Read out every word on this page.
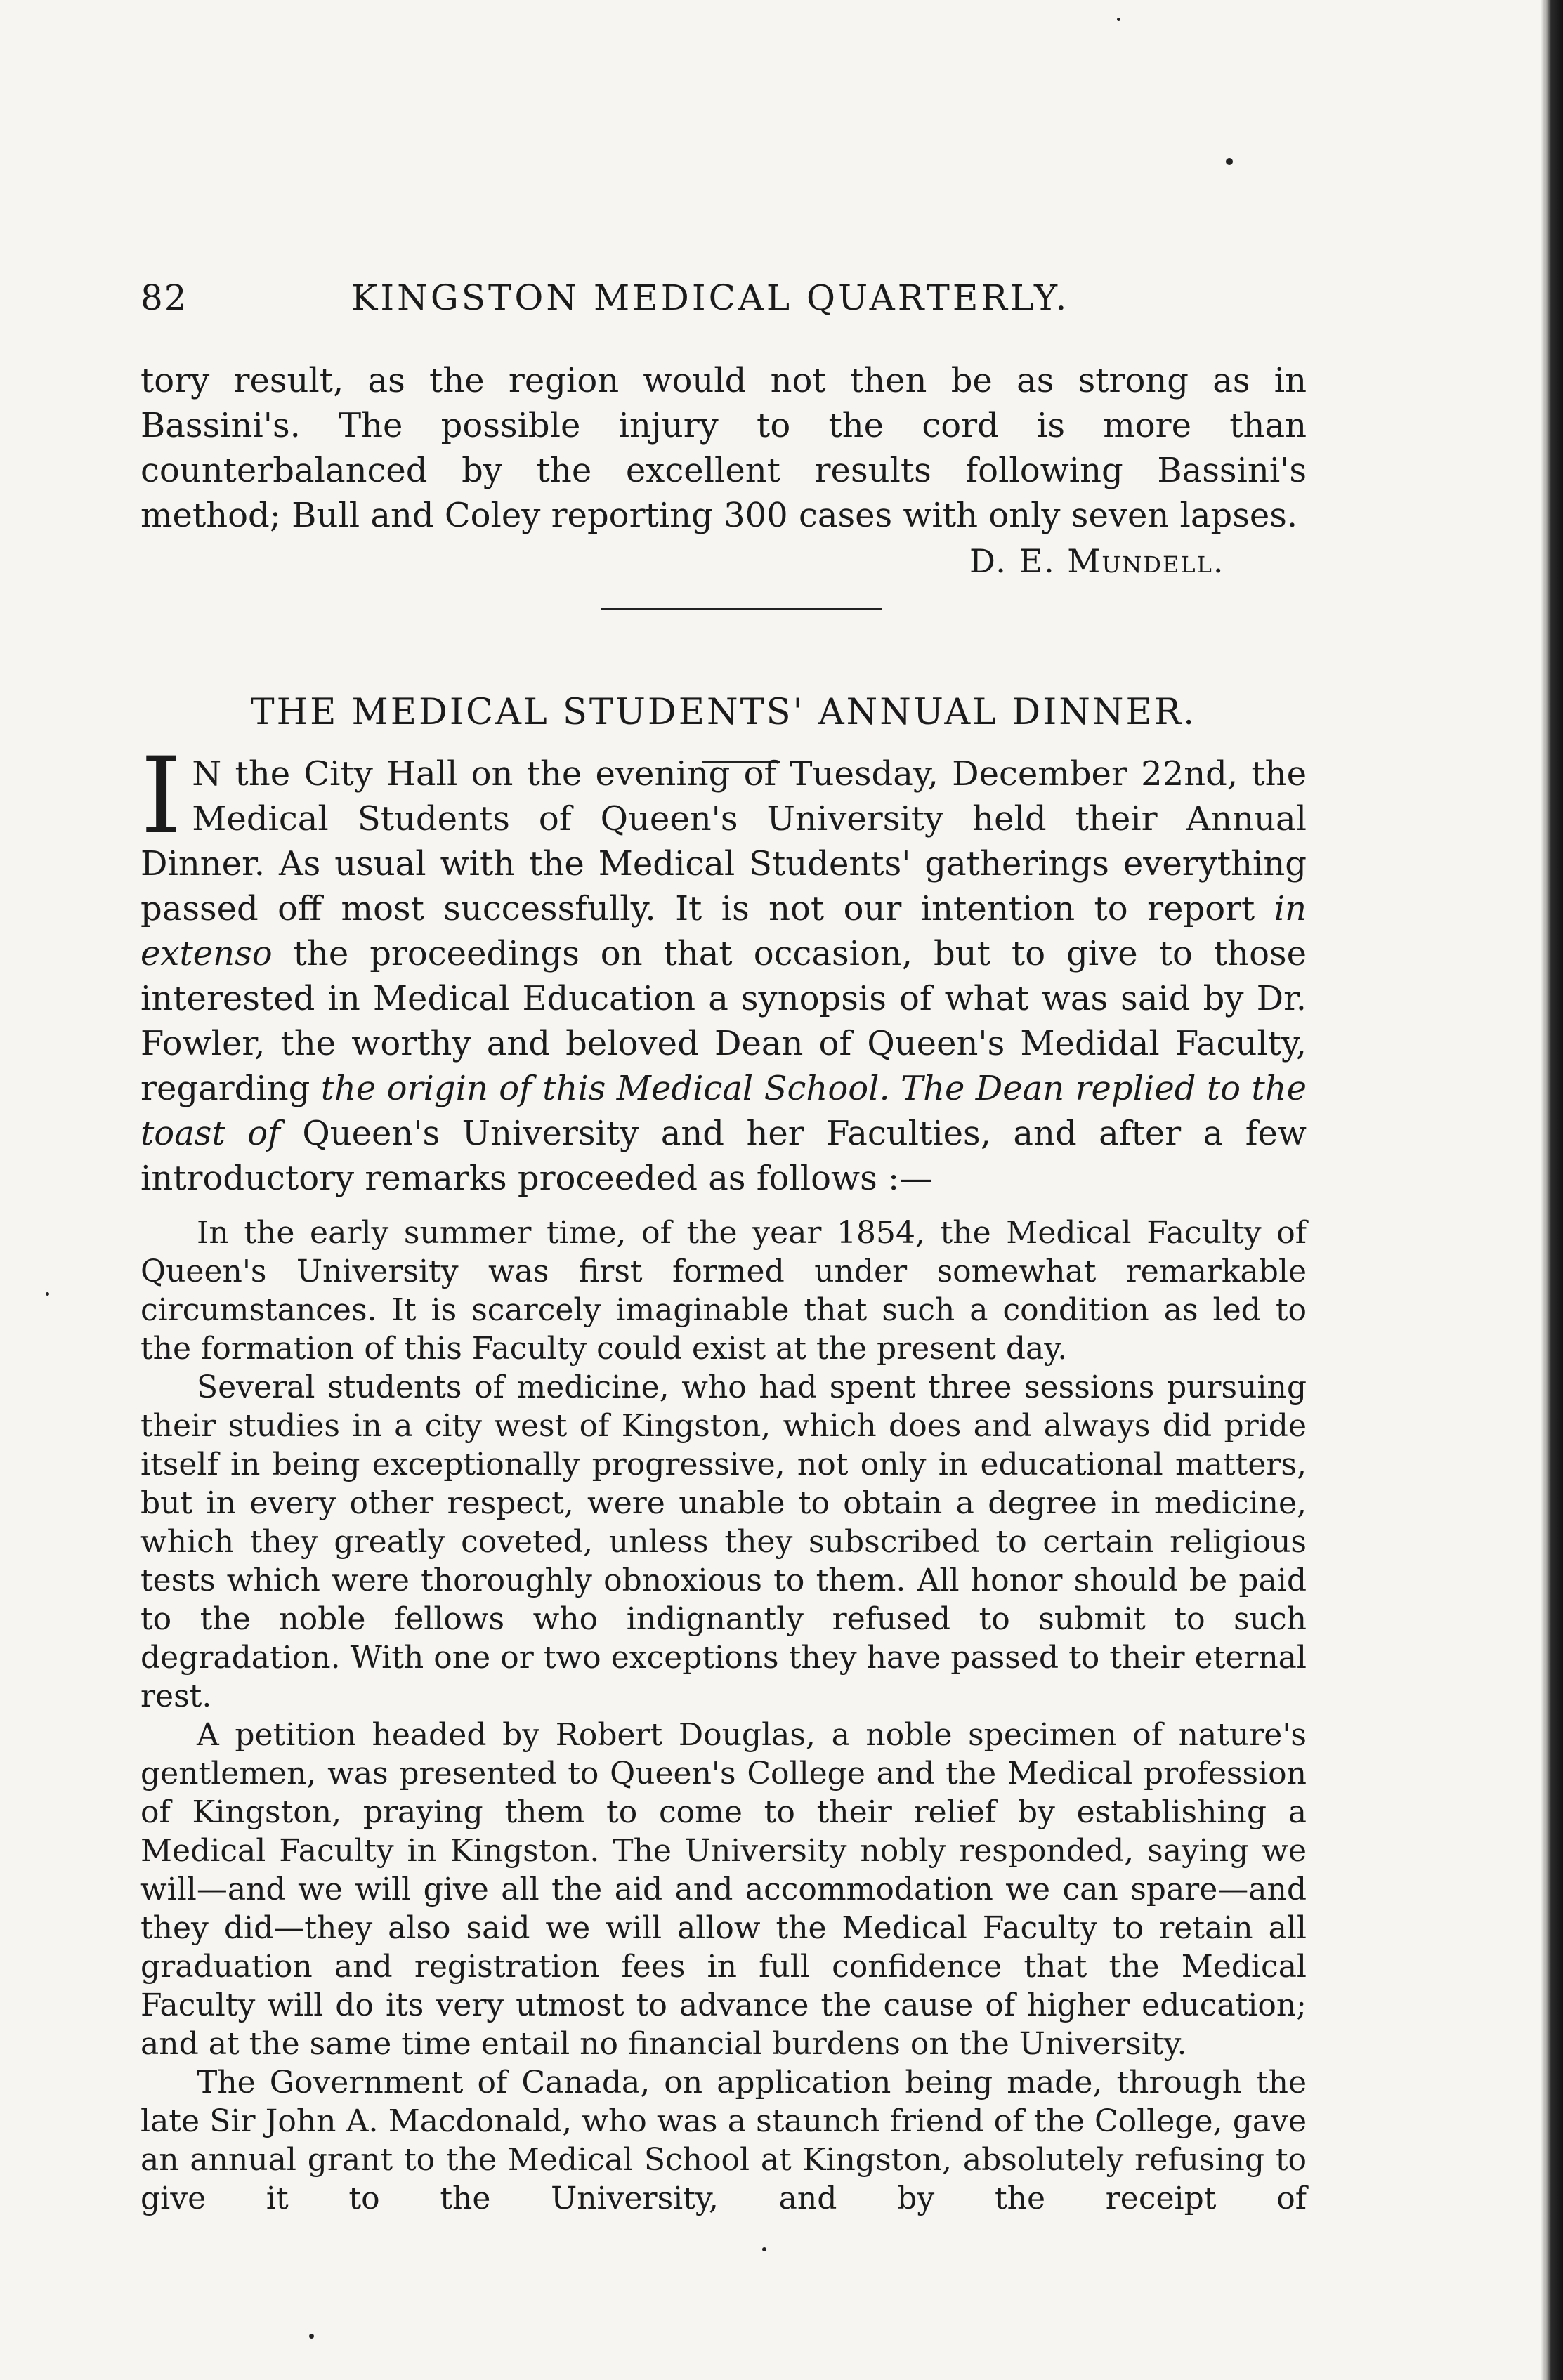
82	KINGSTON MEDICAL QUARTERLY.

tory result, as the region would not then be as strong as in Bassini's. The possible injury to the cord is more than counterbalanced by the excellent results following Bassini's method; Bull and Coley reporting 300 cases with only seven lapses.

D. E. Mundell.
THE MEDICAL STUDENTS' ANNUAL DINNER.

I N the City Hall on the evening of Tuesday, December 22nd, the Medical Students of Queen's University held their Annual Dinner. As usual with the Medical Students' gatherings everything passed off most successfully. It is not our intention to report in extenso the proceedings on that occasion, but to give to those interested in Medical Education a synopsis of what was said by Dr. Fowler, the worthy and beloved Dean of Queen's Medidal Faculty, regarding the origin of this Medical School. The Dean replied to the toast of Queen's University and her Faculties, and after a few introductory remarks proceeded as follows :—

In the early summer time, of the year 1854, the Medical Faculty of Queen's University was first formed under somewhat remarkable circumstances. It is scarcely imaginable that such a condition as led to the formation of this Faculty could exist at the present day.

Several students of medicine, who had spent three sessions pursuing their studies in a city west of Kingston, which does and always did pride itself in being exceptionally progressive, not only in educational matters, but in every other respect, were unable to obtain a degree in medicine, which they greatly coveted, unless they subscribed to certain religious tests which were thoroughly obnoxious to them. All honor should be paid to the noble fellows who indignantly refused to submit to such degradation. With one or two exceptions they have passed to their eternal rest.

A petition headed by Robert Douglas, a noble specimen of nature's gentlemen, was presented to Queen's College and the Medical profession of Kingston, praying them to come to their relief by establishing a Medical Faculty in Kingston. The University nobly responded, saying we will—and we will give all the aid and accommodation we can spare—and they did—they also said we will allow the Medical Faculty to retain all graduation and registration fees in full confidence that the Medical Faculty will do its very utmost to advance the cause of higher education; and at the same time entail no financial burdens on the University.

The Government of Canada, on application being made, through the late Sir John A. Macdonald, who was a staunch friend of the College, gave an annual grant to the Medical School at Kingston, absolutely refusing to give it to the University, and by the receipt of
